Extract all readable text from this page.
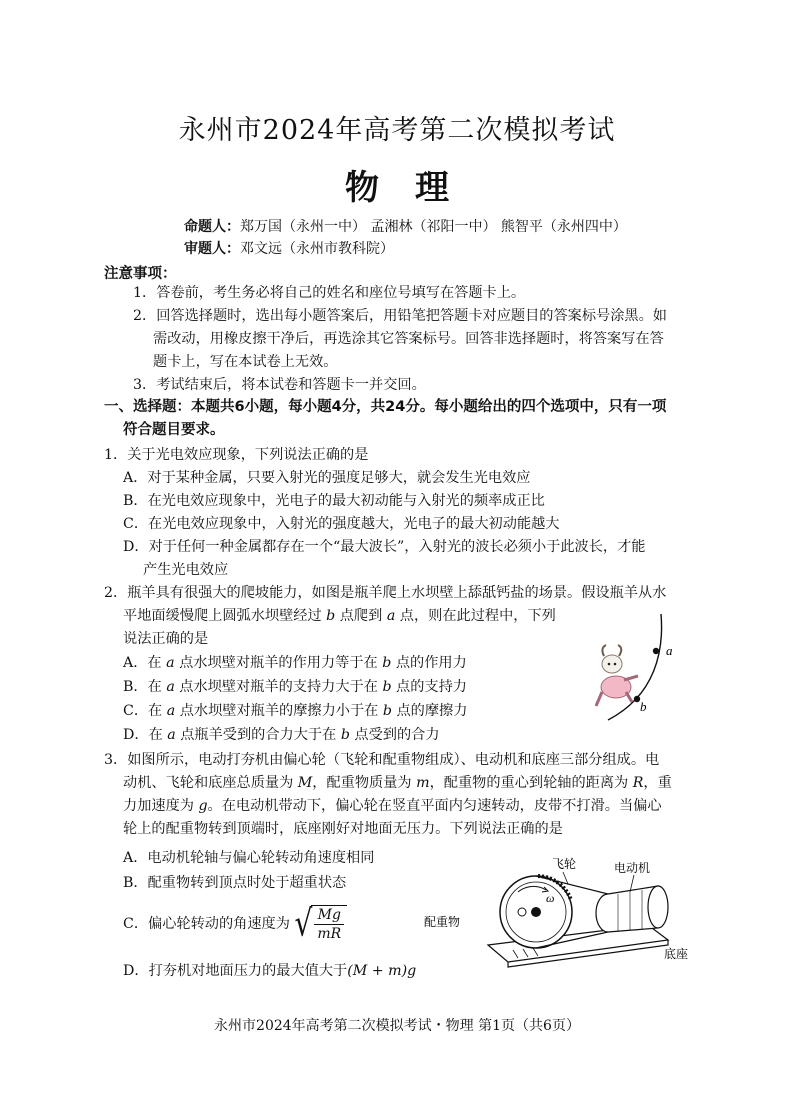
永州市2024年高考第二次模拟考试
物理
命题人：郑万国（永州一中） 孟湘林（祁阳一中） 熊智平（永州四中）
审题人：邓文远（永州市教科院）
注意事项：
1．答卷前，考生务必将自己的姓名和座位号填写在答题卡上。
2．回答选择题时，选出每小题答案后，用铅笔把答题卡对应题目的答案标号涂黑。如
需改动，用橡皮擦干净后，再选涂其它答案标号。回答非选择题时，将答案写在答
题卡上，写在本试卷上无效。
3．考试结束后，将本试卷和答题卡一并交回。
一、选择题：本题共6小题，每小题4分，共24分。每小题给出的四个选项中，只有一项
符合题目要求。
1．关于光电效应现象，下列说法正确的是
A．对于某种金属，只要入射光的强度足够大，就会发生光电效应
B．在光电效应现象中，光电子的最大初动能与入射光的频率成正比
C．在光电效应现象中，入射光的强度越大，光电子的最大初动能越大
D．对于任何一种金属都存在一个“最大波长”，入射光的波长必须小于此波长，才能
产生光电效应
2．瓶羊具有很强大的爬坡能力，如图是瓶羊爬上水坝壁上舔舐钙盐的场景。假设瓶羊从水
平地面缓慢爬上圆弧水坝壁经过 b 点爬到 a 点，则在此过程中，下列
说法正确的是
A．在 a 点水坝壁对瓶羊的作用力等于在 b 点的作用力
B．在 a 点水坝壁对瓶羊的支持力大于在 b 点的支持力
C．在 a 点水坝壁对瓶羊的摩擦力小于在 b 点的摩擦力
D．在 a 点瓶羊受到的合力大于在 b 点受到的合力
a
b
3．如图所示，电动打夯机由偏心轮（飞轮和配重物组成）、电动机和底座三部分组成。电
动机、飞轮和底座总质量为 M，配重物质量为 m，配重物的重心到轮轴的距离为 R，重
力加速度为 g。在电动机带动下，偏心轮在竖直平面内匀速转动，皮带不打滑。当偏心
轮上的配重物转到顶端时，底座刚好对地面无压力。下列说法正确的是
A．电动机轮轴与偏心轮转动角速度相同
B．配重物转到顶点时处于超重状态
C．偏心轮转动的角速度为 √ Mg
mR
D．打夯机对地面压力的最大值大于(M + m)g
飞轮	电动机
配重物
底座
ω
永州市2024年高考第二次模拟考试・物理 第1页（共6页）
